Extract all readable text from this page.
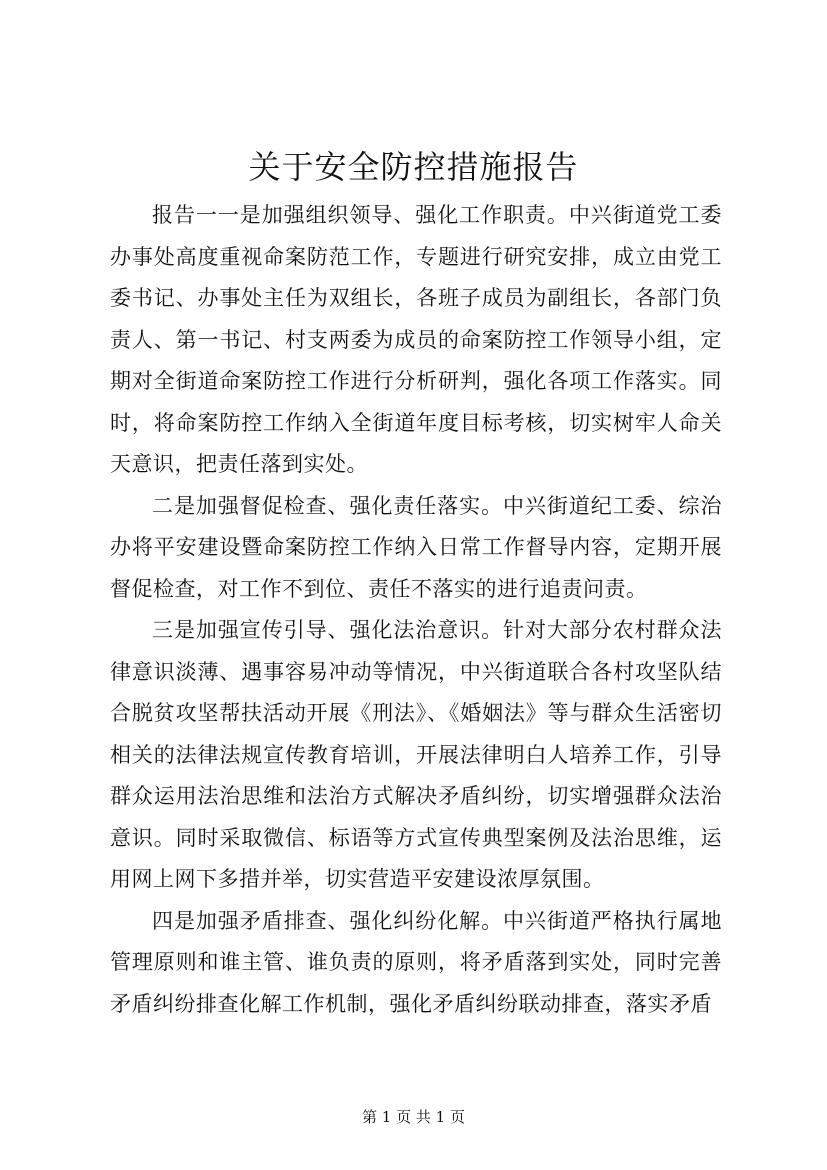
关于安全防控措施报告

报告一一是加强组织领导、强化工作职责。中兴街道党工委办事处高度重视命案防范工作，专题进行研究安排，成立由党工委书记、办事处主任为双组长，各班子成员为副组长，各部门负责人、第一书记、村支两委为成员的命案防控工作领导小组，定期对全街道命案防控工作进行分析研判，强化各项工作落实。同时，将命案防控工作纳入全街道年度目标考核，切实树牢人命关天意识，把责任落到实处。

二是加强督促检查、强化责任落实。中兴街道纪工委、综治办将平安建设暨命案防控工作纳入日常工作督导内容，定期开展督促检查，对工作不到位、责任不落实的进行追责问责。

三是加强宣传引导、强化法治意识。针对大部分农村群众法律意识淡薄、遇事容易冲动等情况，中兴街道联合各村攻坚队结合脱贫攻坚帮扶活动开展《刑法》、《婚姻法》等与群众生活密切相关的法律法规宣传教育培训，开展法律明白人培养工作，引导群众运用法治思维和法治方式解决矛盾纠纷，切实增强群众法治意识。同时采取微信、标语等方式宣传典型案例及法治思维，运用网上网下多措并举，切实营造平安建设浓厚氛围。

四是加强矛盾排查、强化纠纷化解。中兴街道严格执行属地管理原则和谁主管、谁负责的原则，将矛盾落到实处，同时完善矛盾纠纷排查化解工作机制，强化矛盾纠纷联动排查，落实矛盾

第 1 页 共 1 页
